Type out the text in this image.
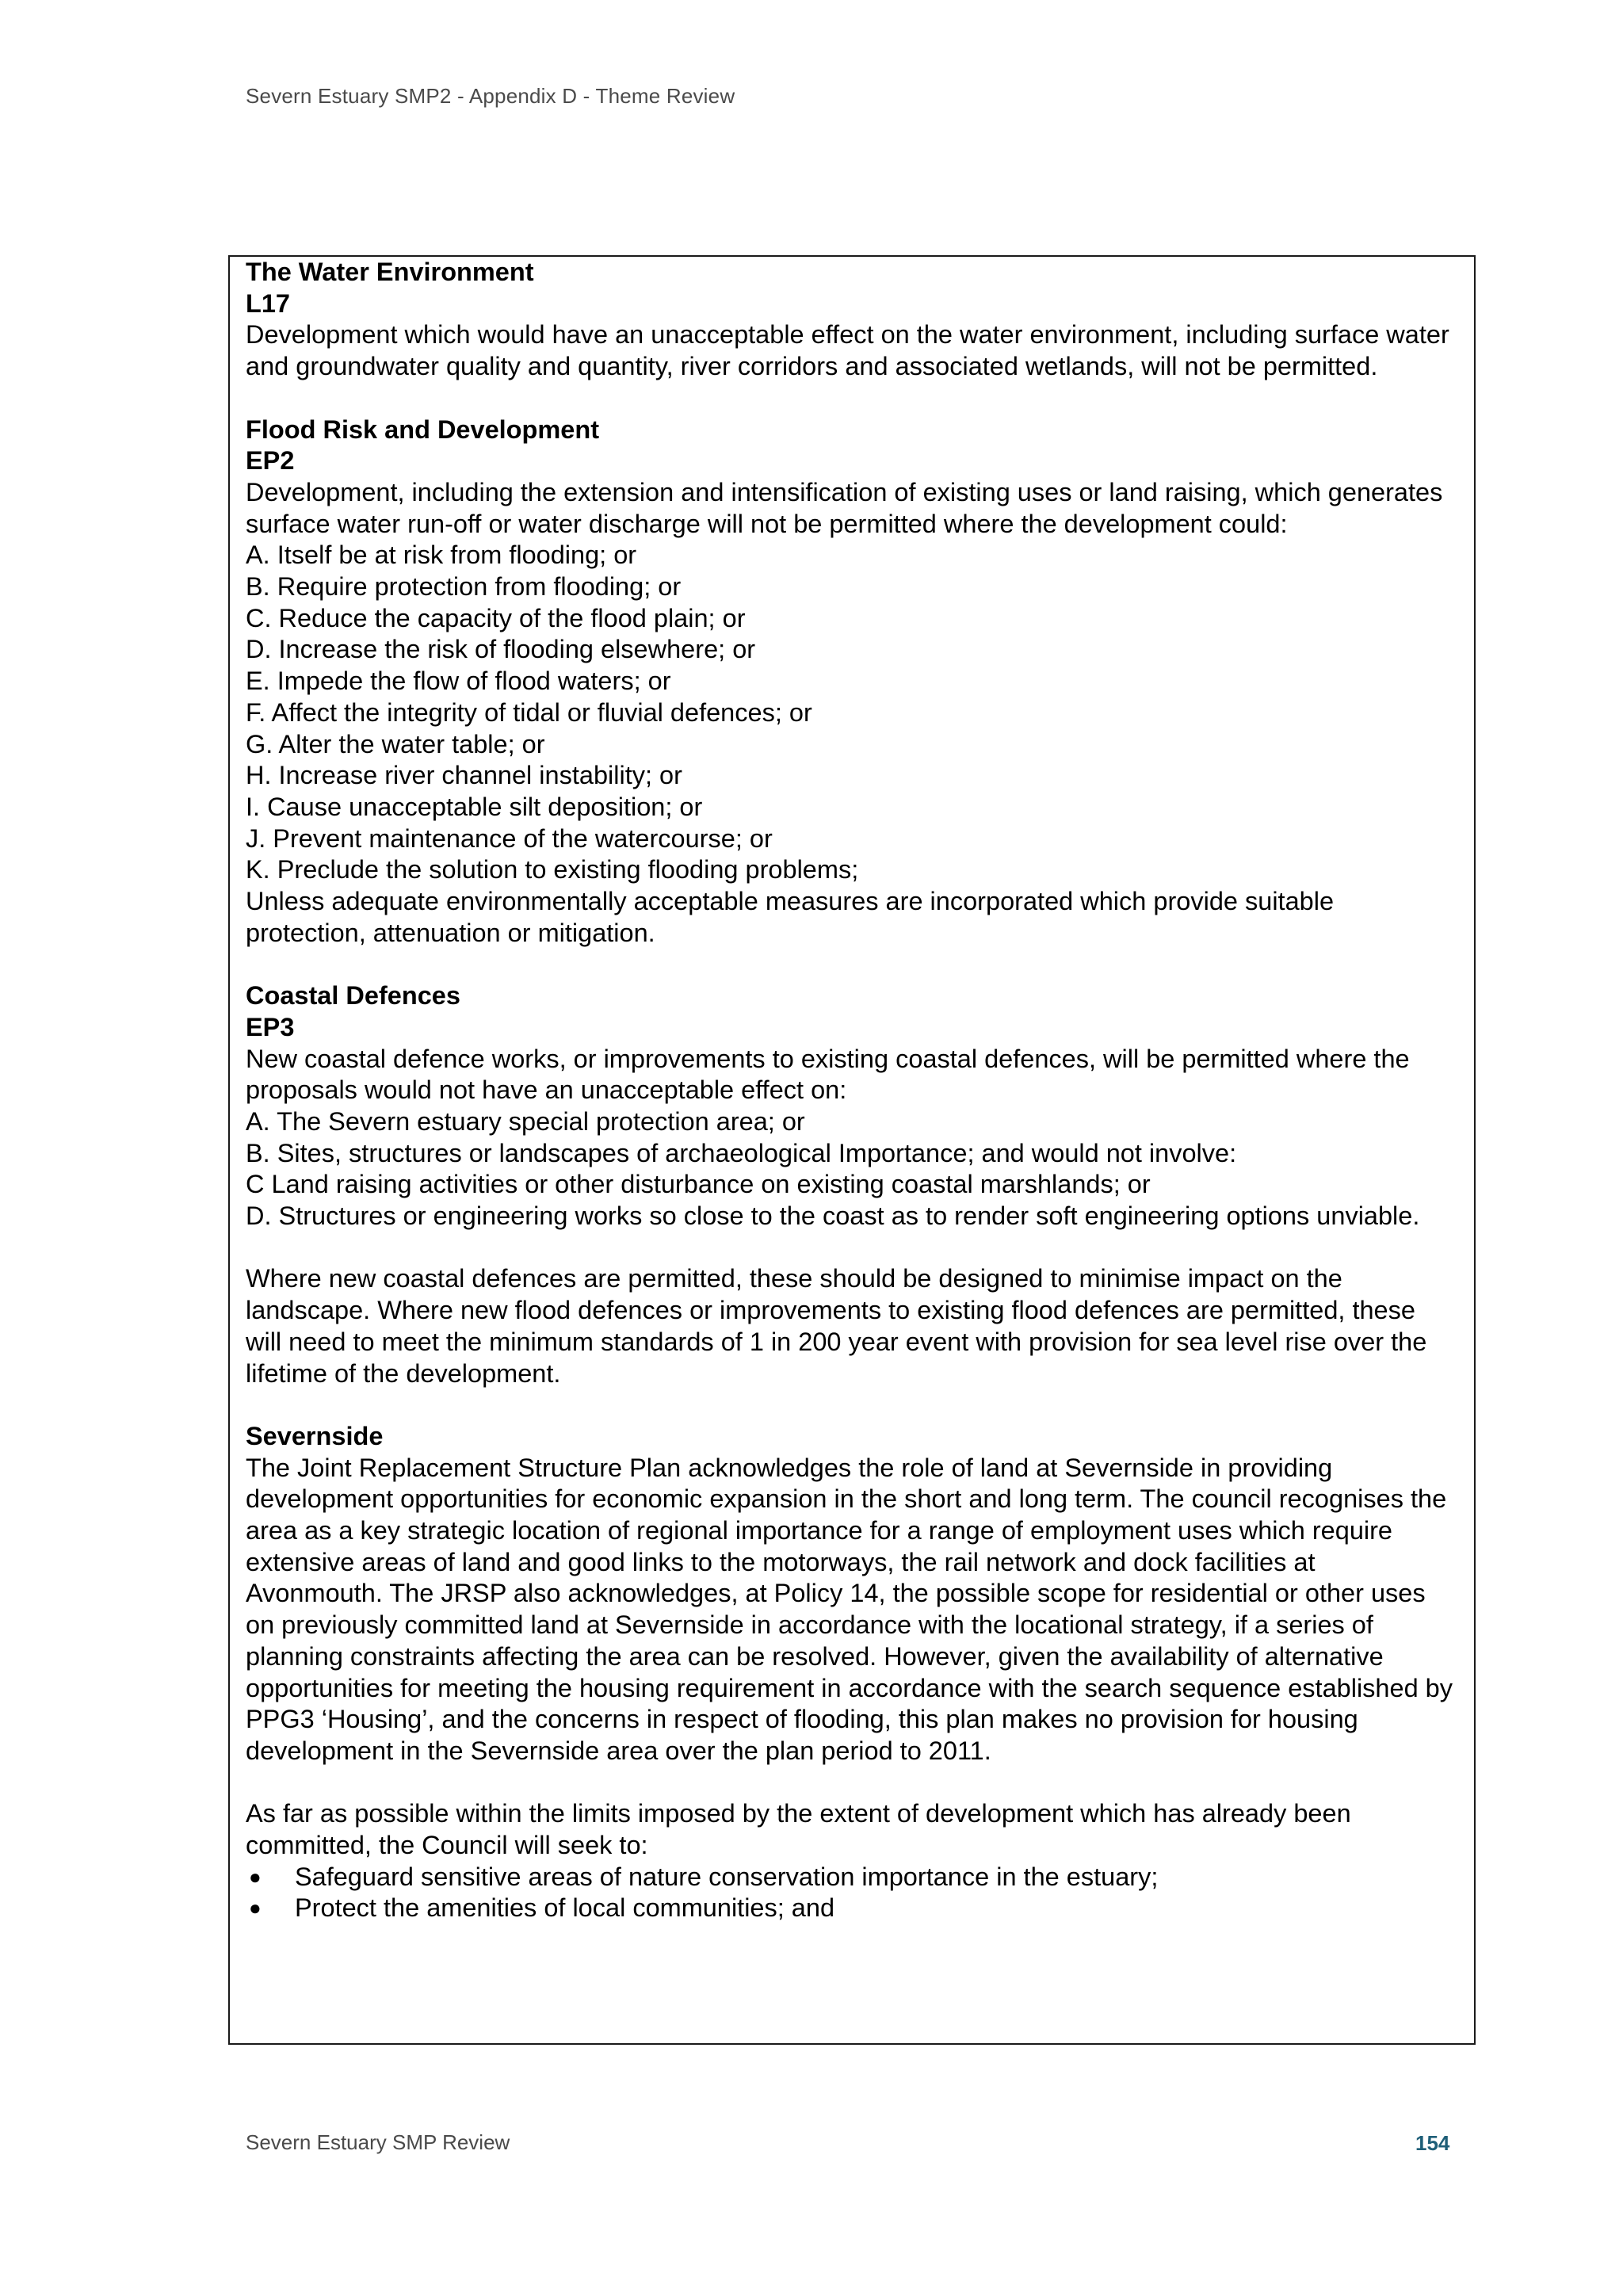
Severn Estuary SMP2 - Appendix D - Theme Review
The Water Environment
L17
Development which would have an unacceptable effect on the water environment, including surface water and groundwater quality and quantity, river corridors and associated wetlands, will not be permitted.
Flood Risk and Development
EP2
Development, including the extension and intensification of existing uses or land raising, which generates surface water run-off or water discharge will not be permitted where the development could:
A. Itself be at risk from flooding; or
B. Require protection from flooding; or
C. Reduce the capacity of the flood plain; or
D. Increase the risk of flooding elsewhere; or
E. Impede the flow of flood waters; or
F. Affect the integrity of tidal or fluvial defences; or
G. Alter the water table; or
H. Increase river channel instability; or
I. Cause unacceptable silt deposition; or
J. Prevent maintenance of the watercourse; or
K. Preclude the solution to existing flooding problems;
Unless adequate environmentally acceptable measures are incorporated which provide suitable protection, attenuation or mitigation.
Coastal Defences
EP3
New coastal defence works, or improvements to existing coastal defences, will be permitted where the proposals would not have an unacceptable effect on:
A. The Severn estuary special protection area; or
B. Sites, structures or landscapes of archaeological Importance; and would not involve:
C Land raising activities or other disturbance on existing coastal marshlands; or
D. Structures or engineering works so close to the coast as to render soft engineering options unviable.
Where new coastal defences are permitted, these should be designed to minimise impact on the landscape. Where new flood defences or improvements to existing flood defences are permitted, these will need to meet the minimum standards of 1 in 200 year event with provision for sea level rise over the lifetime of the development.
Severnside
The Joint Replacement Structure Plan acknowledges the role of land at Severnside in providing development opportunities for economic expansion in the short and long term. The council recognises the area as a key strategic location of regional importance for a range of employment uses which require extensive areas of land and good links to the motorways, the rail network and dock facilities at Avonmouth. The JRSP also acknowledges, at Policy 14, the possible scope for residential or other uses on previously committed land at Severnside in accordance with the locational strategy, if a series of planning constraints affecting the area can be resolved. However, given the availability of alternative opportunities for meeting the housing requirement in accordance with the search sequence established by PPG3 ‘Housing’, and the concerns in respect of flooding, this plan makes no provision for housing development in the Severnside area over the plan period to 2011.
As far as possible within the limits imposed by the extent of development which has already been committed, the Council will seek to:
● Safeguard sensitive areas of nature conservation importance in the estuary;
● Protect the amenities of local communities; and
Severn Estuary SMP Review	154
